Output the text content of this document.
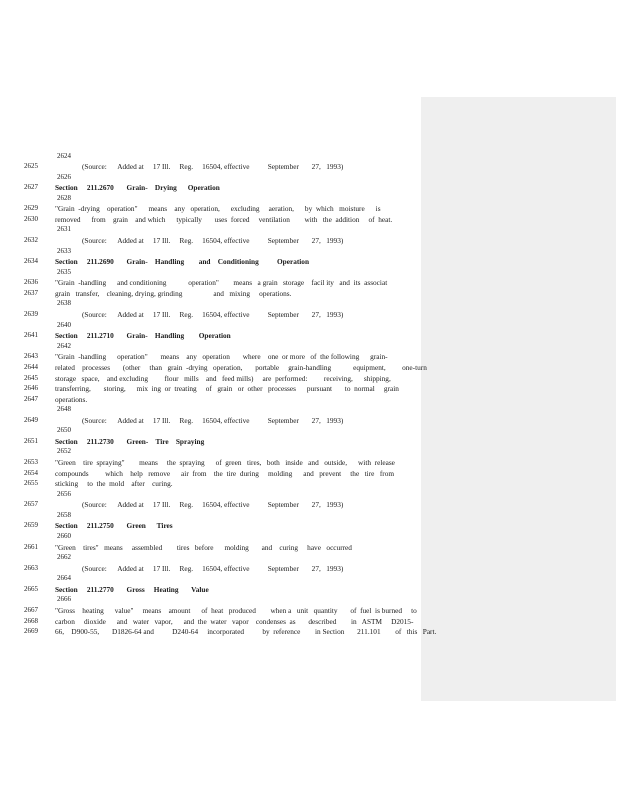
2624
2625	(Source:      Added at     17 Ill.     Reg.     16504, effective          September       27,   1993)
2626
2627 Section     211.2670       Grain-    Drying      Operation
2628
2629 "Grain  -drying    operation"      means    any   operation,      excluding     aeration,      by  which   moisture      is
2630 removed      from    grain    and which      typically       uses  forced     ventilation        with   the  addition     of  heat.
2631
2632	(Source:      Added at     17 Ill.     Reg.     16504, effective          September       27,   1993)
2633
2634 Section     211.2690       Grain-    Handling        and    Conditioning          Operation
2635
2636 "Grain  -handling      and conditioning            operation"        means   a grain   storage    facil ity   and  its  associat
2637 grain   transfer,    cleaning, drying, grinding                 and   mixing     operations.
2638
2639	(Source:      Added at     17 Ill.     Reg.     16504, effective          September       27,   1993)
2640
2641 Section     211.2710       Grain-    Handling        Operation
2642
2643 "Grain  -handling      operation"       means    any   operation       where    one  or more   of  the following      grain-
2644 related    processes       (other     than   grain  -drying   operation,       portable     grain-handling            equipment,         one-turn
2645 storage   space,    and excluding         flour   mills    and   feed mills)     are  performed:         receiving,      shipping,
2646 transferring,       storing,      mix  ing  or  treating     of   grain   or  other   processes      pursuant       to  normal     grain
2647 operations.
2648
2649	(Source:      Added at     17 Ill.     Reg.     16504, effective          September       27,   1993)
2650
2651 Section     211.2730       Green-    Tire    Spraying
2652
2653 "Green    tire  spraying"        means     the  spraying      of  green   tires,   both   inside   and   outside,      with  release
2654 compounds         which    help   remove      air  from    the  tire  during     molding      and   prevent     the   tire   from
2655 sticking     to  the  mold    after    curing.
2656
2657	(Source:      Added at     17 Ill.     Reg.     16504, effective          September       27,   1993)
2658
2659 Section     211.2750       Green      Tires
2660
2661 "Green    tires"   means     assembled        tires   before      molding       and    curing     have   occurred
2662
2663	(Source:      Added at     17 Ill.     Reg.     16504, effective          September       27,   1993)
2664
2665 Section     211.2770       Gross     Heating       Value
2666
2667 "Gross    heating      value"     means    amount      of  heat   produced        when a   unit   quantity       of  fuel  is burned     to
2668 carbon     dioxide      and   water   vapor,      and  the  water   vapor    condenses  as       described        in   ASTM     D2015-
2669 66,    D900-55,       D1826-64 and          D240-64     incorporated          by  reference        in Section       211.101        of   this   Part.
